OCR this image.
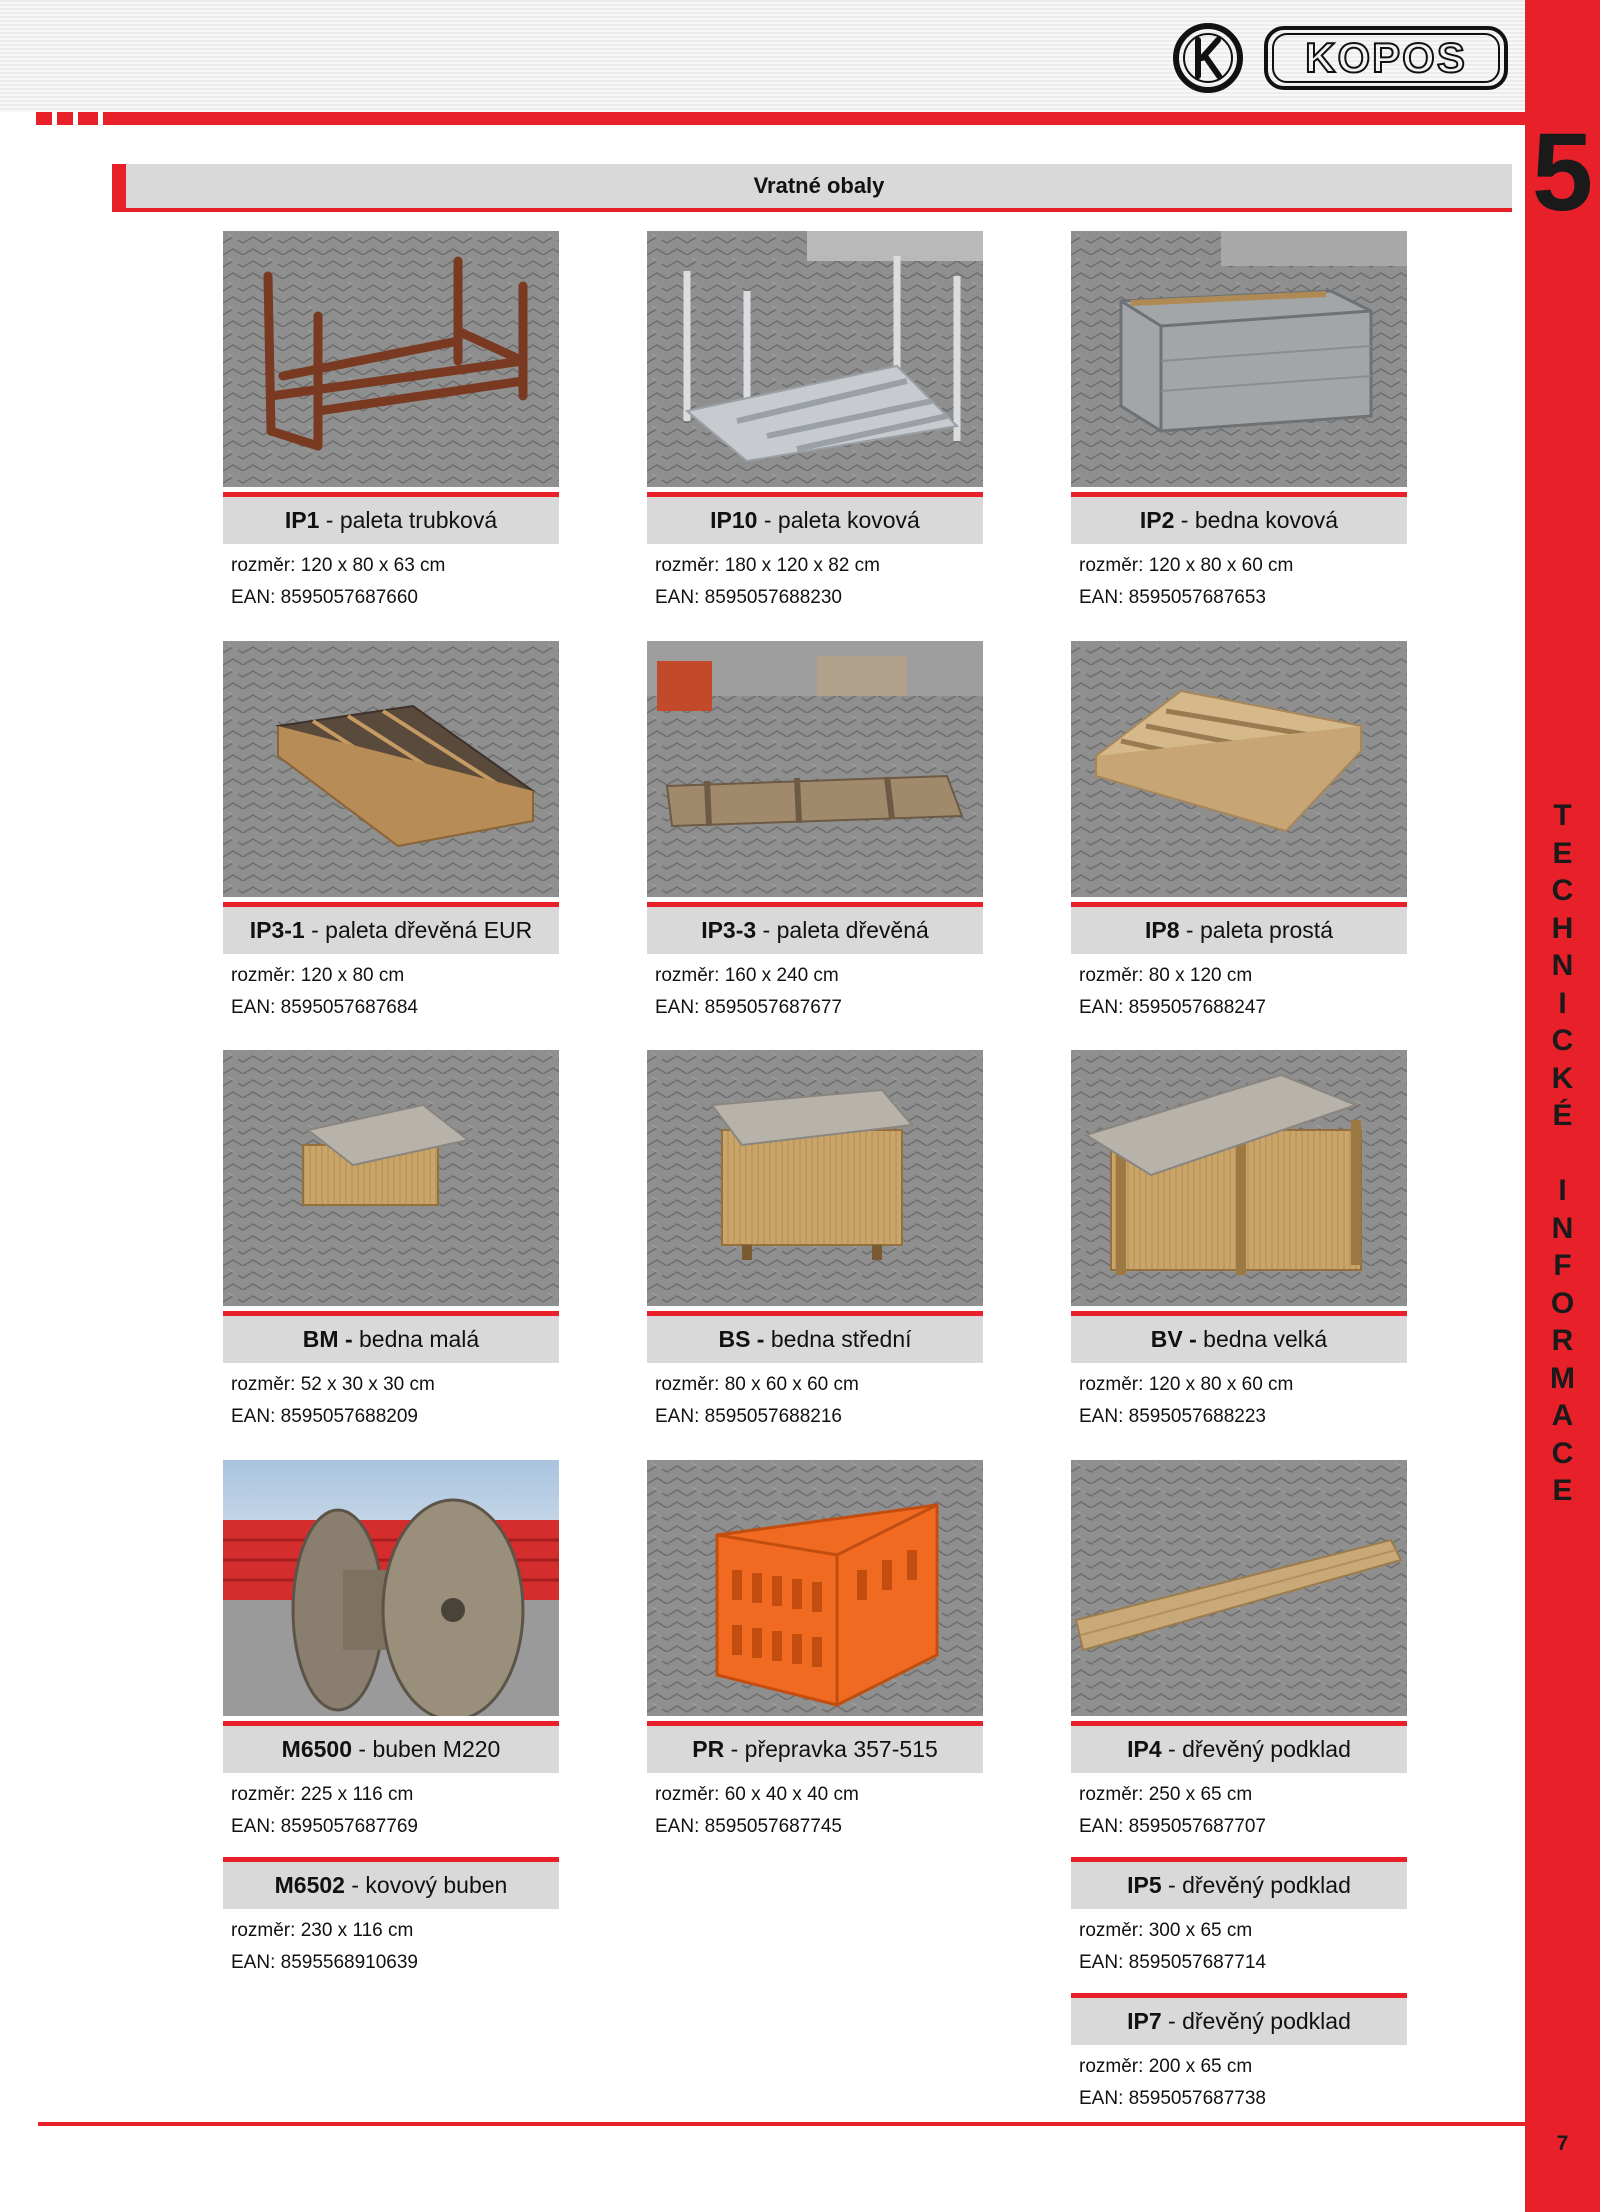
KOPOS
5
T
E
C
H
N
I
C
K
É
I
N
F
O
R
M
A
C
E
Vratné obaly
IP1 - paleta trubková
rozměr: 120 x 80 x 63 cm
EAN: 8595057687660
IP10 - paleta kovová
rozměr: 180 x 120 x 82 cm
EAN: 8595057688230
IP2 - bedna kovová
rozměr: 120 x 80 x 60 cm
EAN: 8595057687653
IP3-1 - paleta dřevěná EUR
rozměr: 120 x 80 cm
EAN: 8595057687684
IP3-3 - paleta dřevěná
rozměr: 160 x 240 cm
EAN: 8595057687677
IP8 - paleta prostá
rozměr: 80 x 120 cm
EAN: 8595057688247
BM - bedna malá
rozměr: 52 x 30 x 30 cm
EAN: 8595057688209
BS - bedna střední
rozměr: 80 x 60 x 60 cm
EAN: 8595057688216
BV - bedna velká
rozměr: 120 x 80 x 60 cm
EAN: 8595057688223
M6500 - buben M220
rozměr: 225 x 116 cm
EAN: 8595057687769
M6502 - kovový buben
rozměr: 230 x 116 cm
EAN: 8595568910639
PR - přepravka 357-515
rozměr: 60 x 40 x 40 cm
EAN: 8595057687745
IP4 - dřevěný podklad
rozměr: 250 x 65 cm
EAN: 8595057687707
IP5 - dřevěný podklad
rozměr: 300 x 65 cm
EAN: 8595057687714
IP7 - dřevěný podklad
rozměr: 200 x 65 cm
EAN: 8595057687738
7
